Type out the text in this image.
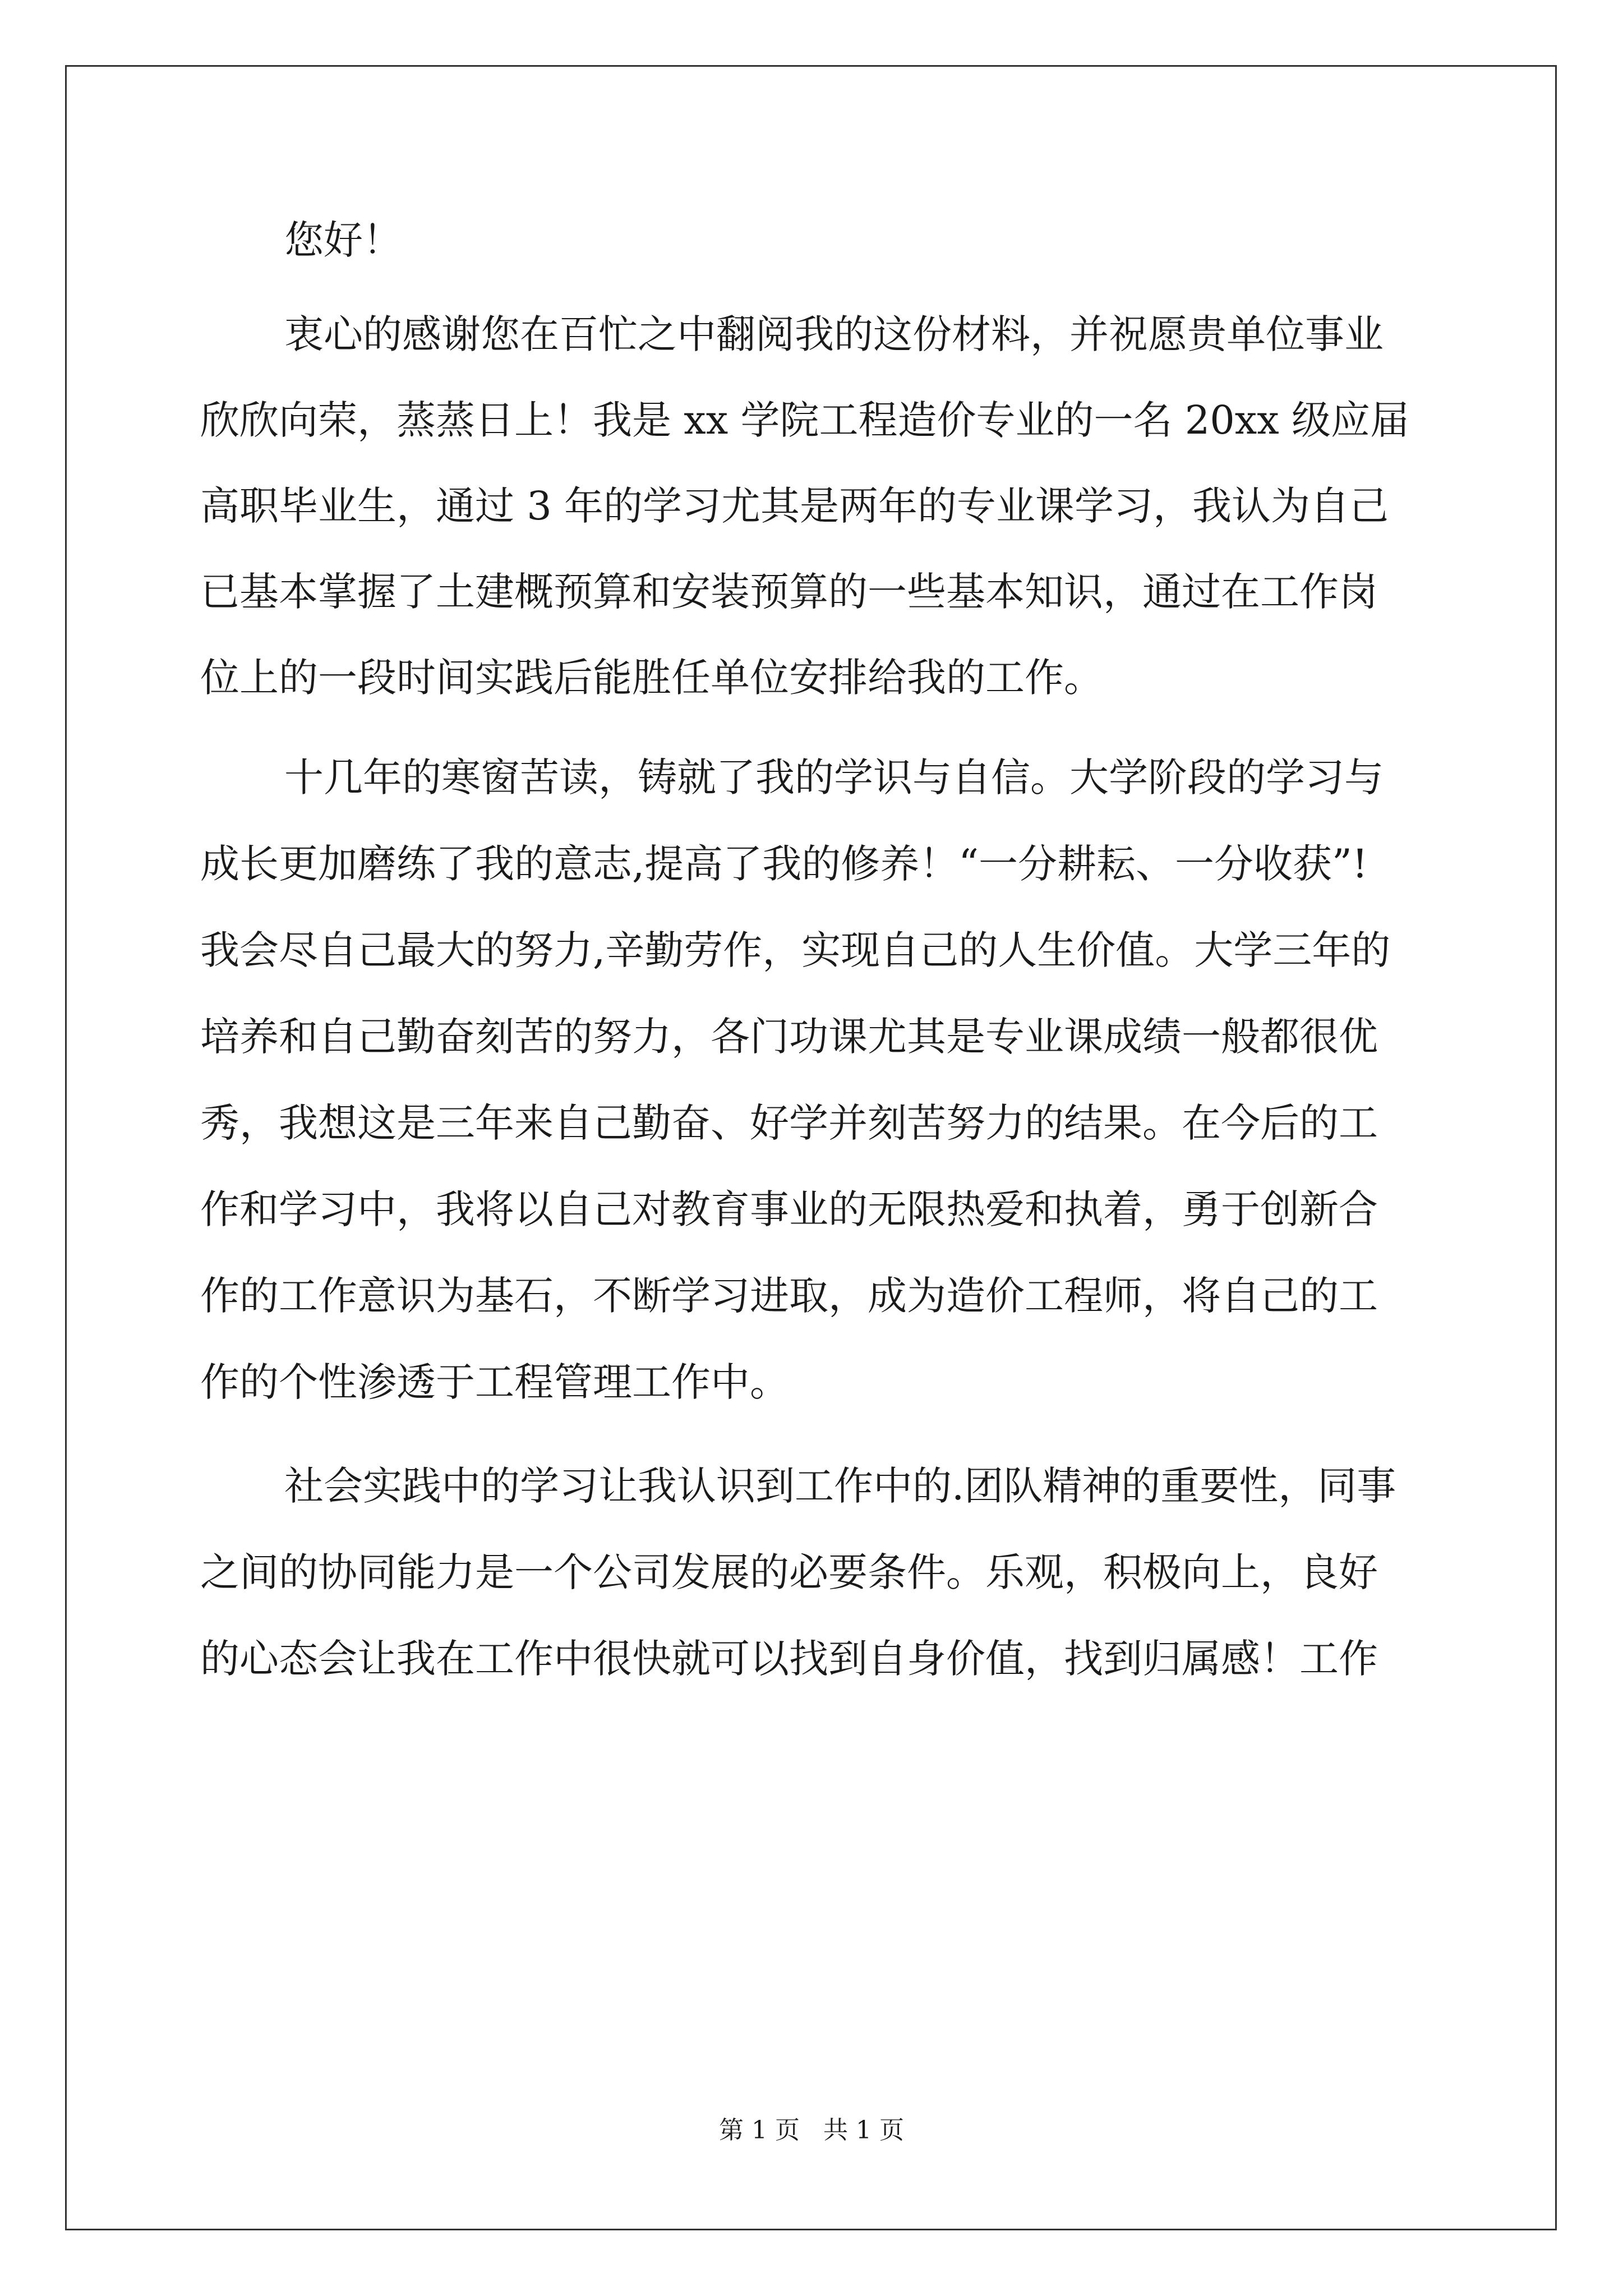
您好！
衷心的感谢您在百忙之中翻阅我的这份材料，并祝愿贵单位事业
欣欣向荣，蒸蒸日上！我是 xx 学院工程造价专业的一名 20xx 级应届
高职毕业生，通过 3 年的学习尤其是两年的专业课学习，我认为自己
已基本掌握了土建概预算和安装预算的一些基本知识，通过在工作岗
位上的一段时间实践后能胜任单位安排给我的工作。
十几年的寒窗苦读，铸就了我的学识与自信。大学阶段的学习与
成长更加磨练了我的意志,提高了我的修养！“一分耕耘、一分收获”!
我会尽自己最大的努力,辛勤劳作，实现自己的人生价值。大学三年的
培养和自己勤奋刻苦的努力，各门功课尤其是专业课成绩一般都很优
秀，我想这是三年来自己勤奋、好学并刻苦努力的结果。在今后的工
作和学习中，我将以自己对教育事业的无限热爱和执着，勇于创新合
作的工作意识为基石，不断学习进取，成为造价工程师，将自己的工
作的个性渗透于工程管理工作中。
社会实践中的学习让我认识到工作中的.团队精神的重要性，同事
之间的协同能力是一个公司发展的必要条件。乐观，积极向上，良好
的心态会让我在工作中很快就可以找到自身价值，找到归属感！工作
第 1 页   共 1 页
